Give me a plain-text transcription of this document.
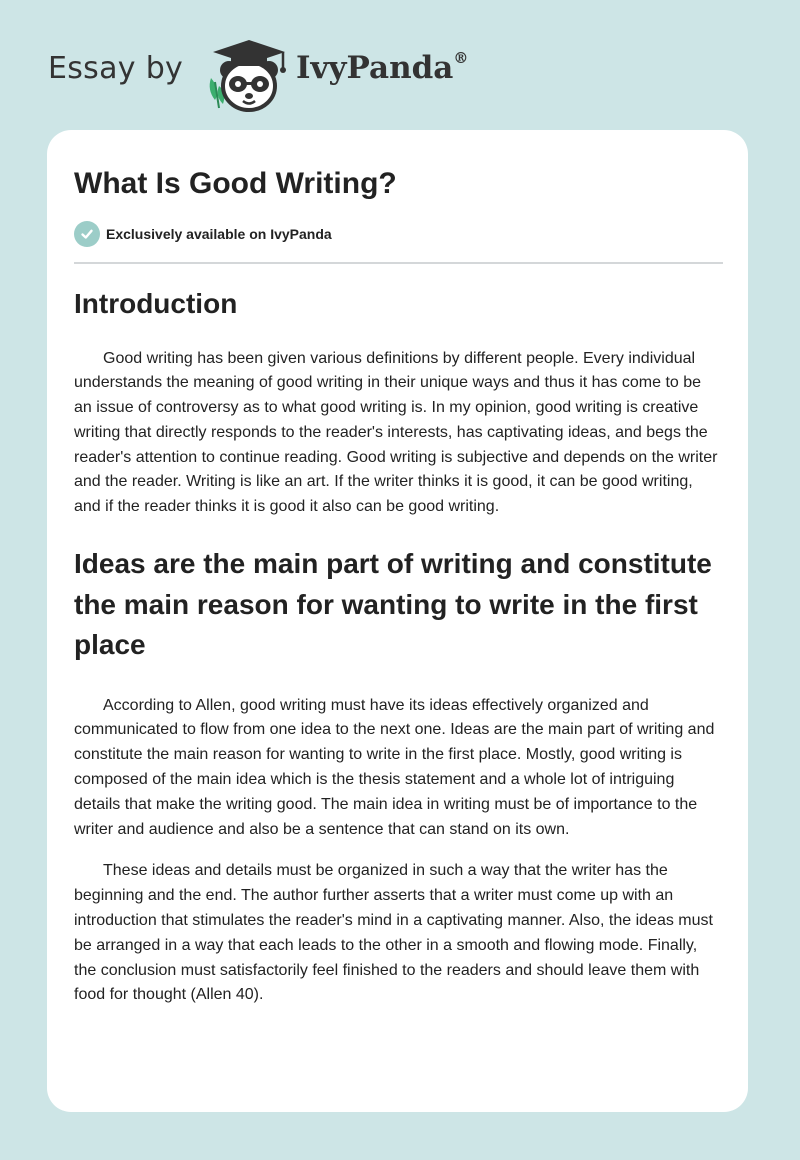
Essay by	IvyPanda®
What Is Good Writing?
Exclusively available on IvyPanda
Introduction

Good writing has been given various definitions by different people. Every individual understands the meaning of good writing in their unique ways and thus it has come to be an issue of controversy as to what good writing is. In my opinion, good writing is creative writing that directly responds to the reader's interests, has captivating ideas, and begs the reader's attention to continue reading. Good writing is subjective and depends on the writer and the reader. Writing is like an art. If the writer thinks it is good, it can be good writing, and if the reader thinks it is good it also can be good writing.

Ideas are the main part of writing and constitute the main reason for wanting to write in the first place

According to Allen, good writing must have its ideas effectively organized and communicated to flow from one idea to the next one. Ideas are the main part of writing and constitute the main reason for wanting to write in the first place. Mostly, good writing is composed of the main idea which is the thesis statement and a whole lot of intriguing details that make the writing good. The main idea in writing must be of importance to the writer and audience and also be a sentence that can stand on its own.

These ideas and details must be organized in such a way that the writer has the beginning and the end. The author further asserts that a writer must come up with an introduction that stimulates the reader's mind in a captivating manner. Also, the ideas must be arranged in a way that each leads to the other in a smooth and flowing mode. Finally, the conclusion must satisfactorily feel finished to the readers and should leave them with food for thought (Allen 40).
